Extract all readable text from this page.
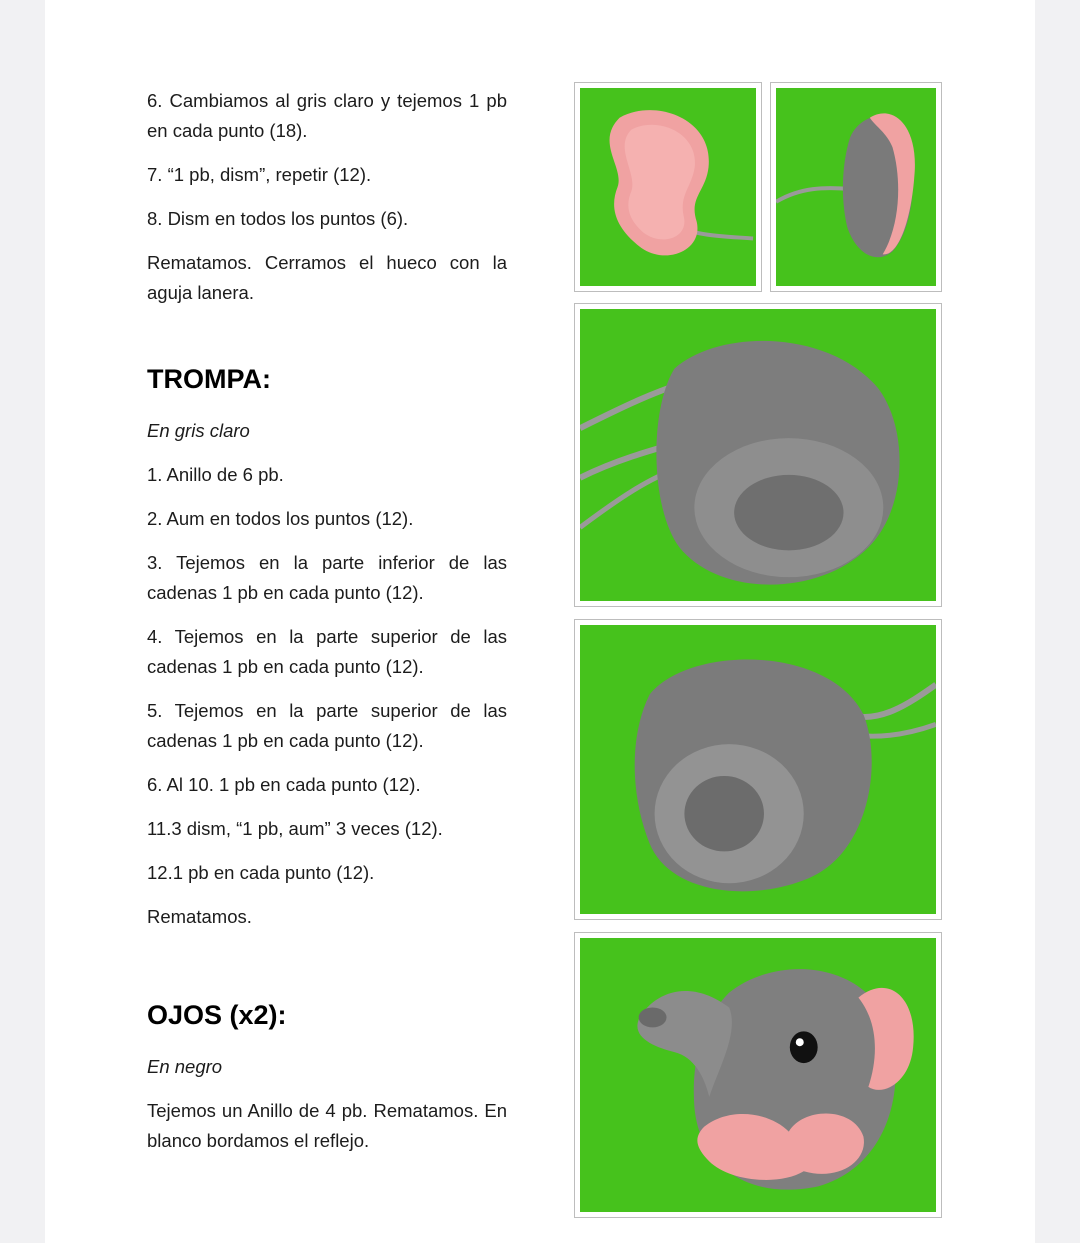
6. Cambiamos al gris claro y tejemos 1 pb en cada punto (18).

7. “1 pb, dism”, repetir (12).

8. Dism en todos los puntos (6).

Rematamos. Cerramos el hueco con la aguja lanera.

TROMPA:

En gris claro

1. Anillo de 6 pb.

2. Aum en todos los puntos (12).

3. Tejemos en la parte inferior de las cadenas 1 pb en cada punto (12).

4. Tejemos en la parte superior de las cadenas 1 pb en cada punto (12).

5. Tejemos en la parte superior de las cadenas 1 pb en cada punto (12).

6. Al 10. 1 pb en cada punto (12).

11.3 dism, “1 pb, aum” 3 veces (12).

12.1 pb en cada punto (12).

Rematamos.

OJOS (x2):

En negro

Tejemos un Anillo de 4 pb. Rematamos. En blanco bordamos el reflejo.
